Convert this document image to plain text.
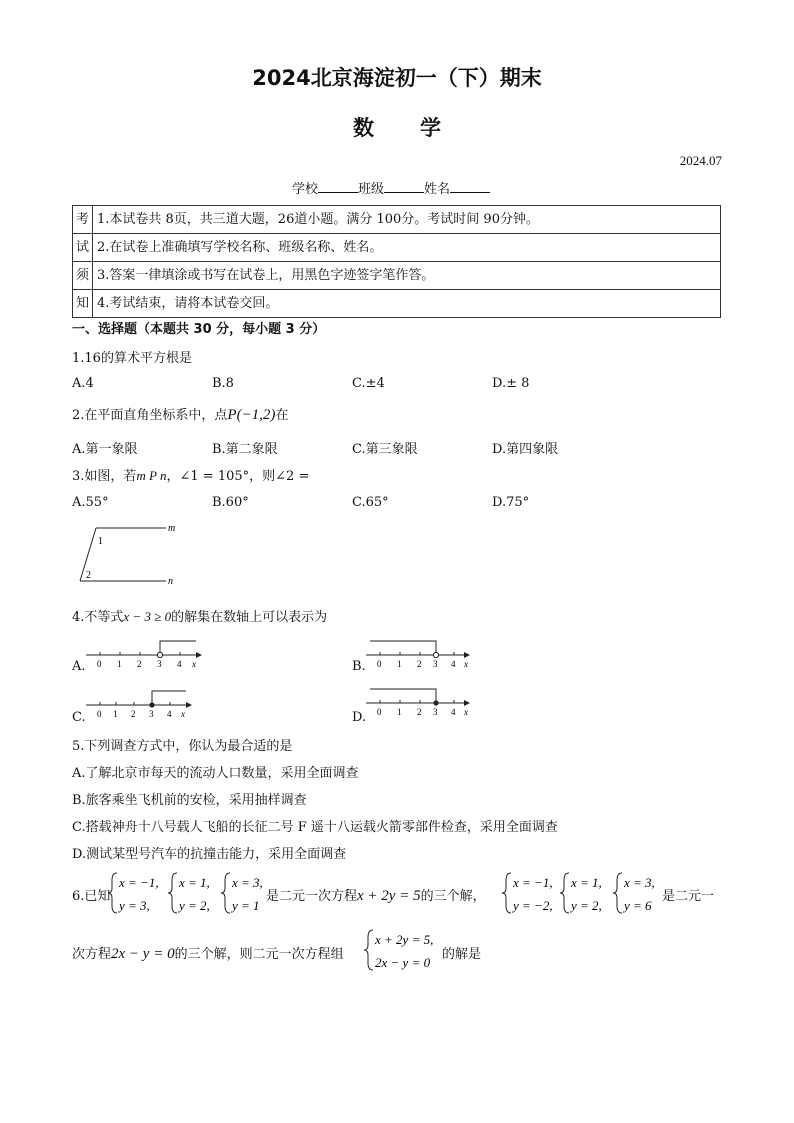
2024北京海淀初一（下）期末
数学
2024.07
学校	班级	姓名
考	1.本试卷共 8页，共三道大题，26道小题。满分 100分。考试时间 90分钟。
试	2.在试卷上准确填写学校名称、班级名称、姓名。
须	3.答案一律填涂或书写在试卷上，用黑色字迹签字笔作答。
知	4.考试结束，请将本试卷交回。
一、选择题（本题共 30 分，每小题 3 分）
1.16的算术平方根是
A.4	B.8	C.±4	D.± 8
2.在平面直角坐标系中，点P(−1,2)在
A.第一象限	B.第二象限	C.第三象限	D.第四象限
3.如图，若m P n，∠1 = 105°，则∠2 =
A.55°	B.60°	C.65°	D.75°
m
n
1
2
4.不等式x − 3 ≥ 0的解集在数轴上可以表示为
A.	B.
C.	D.
0 1 2 3 4 x	0 1 2 3 4 x
0 1 2 3 4 x	0 1 2 3 4 x
5.下列调查方式中，你认为最合适的是
A.了解北京市每天的流动人口数量，采用全面调查
B.旅客乘坐飞机前的安检，采用抽样调查
C.搭载神舟十八号载人飞船的长征二号 F 遥十八运载火箭零部件检查，采用全面调查
D.测试某型号汽车的抗撞击能力，采用全面调查
6.已知
x = −1,
y = 3,
x = 1,
y = 2,
x = 3,
y = 1
是二元一次方程x + 2y = 5的三个解，
x = −1,
y = −2,
x = 1,
y = 2,
x = 3,
y = 6
是二元一
次方程2x − y = 0的三个解，则二元一次方程组
x + 2y = 5,
2x − y = 0
的解是
